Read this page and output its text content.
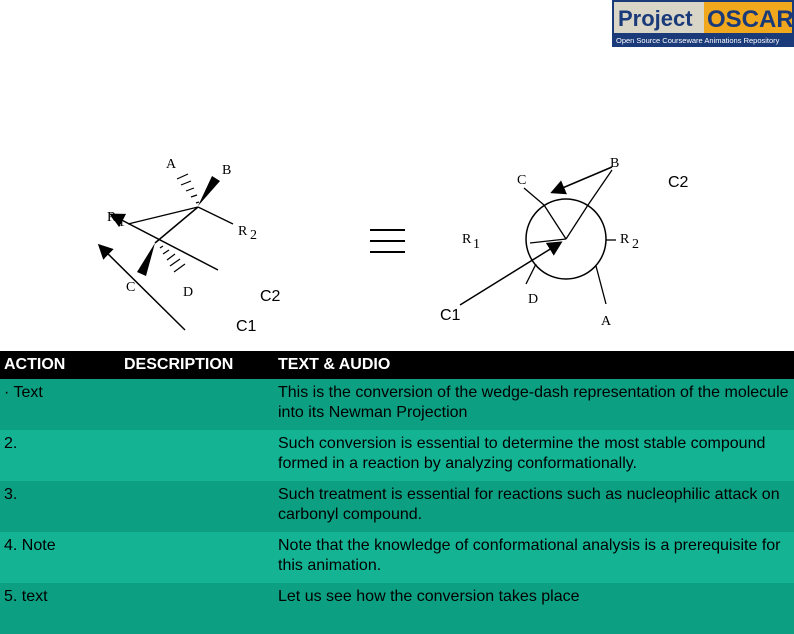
Project OSCAR
Open Source Courseware Animations Repository
A	B
R 1
R 2
C	D
C
B
R 1	R 2
D
A
C2
C2
C1
C1
ACTION	DESCRIPTION	TEXT & AUDIO
· Text		This is the conversion of the wedge-dash representation of the molecule into its Newman Projection
2.		Such conversion is essential to determine the most stable compound formed in a reaction by analyzing conformationally.
3.		Such treatment is essential for reactions such as nucleophilic attack on carbonyl compound.
4. Note		Note that the knowledge of conformational analysis is a prerequisite for this animation.
5. text		Let us see how the conversion takes place
